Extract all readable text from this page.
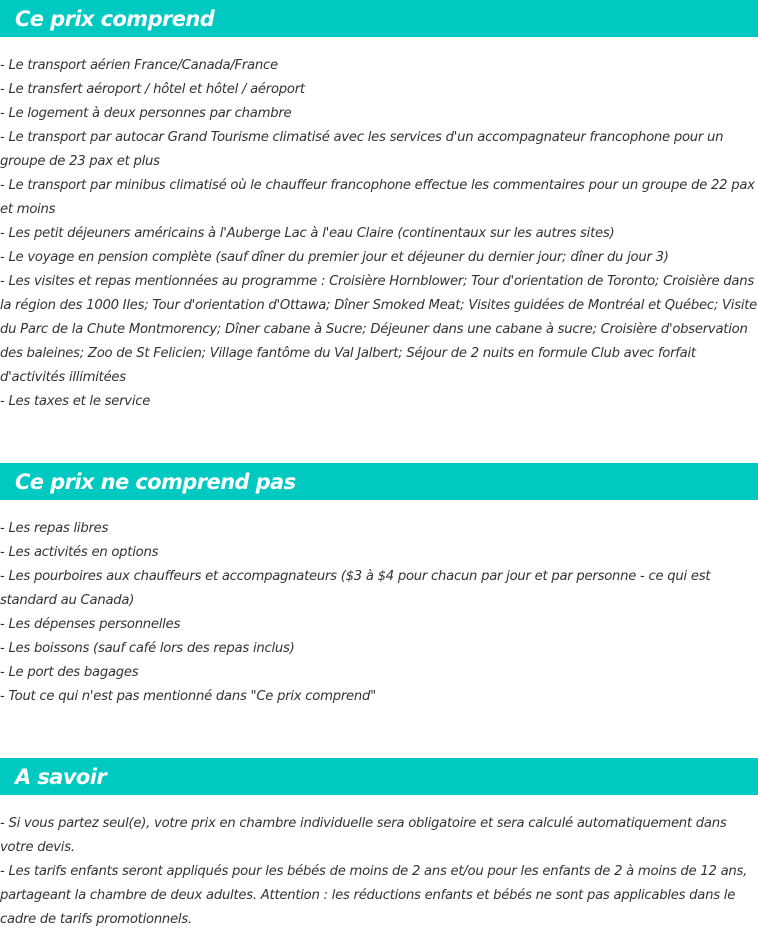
Ce prix comprend

- Le transport aérien France/Canada/France

- Le transfert aéroport / hôtel et hôtel / aéroport

- Le logement à deux personnes par chambre

- Le transport par autocar Grand Tourisme climatisé avec les services d'un accompagnateur francophone pour un groupe de 23 pax et plus

- Le transport par minibus climatisé où le chauffeur francophone effectue les commentaires pour un groupe de 22 pax et moins

- Les petit déjeuners américains à l'Auberge Lac à l'eau Claire (continentaux sur les autres sites)

- Le voyage en pension complète (sauf dîner du premier jour et déjeuner du dernier jour; dîner du jour 3)

- Les visites et repas mentionnées au programme : Croisière Hornblower; Tour d'orientation de Toronto; Croisière dans la région des 1000 Iles; Tour d'orientation d'Ottawa; Dîner Smoked Meat; Visites guidées de Montréal et Québec; Visite du Parc de la Chute Montmorency; Dîner cabane à Sucre; Déjeuner dans une cabane à sucre; Croisière d'observation des baleines; Zoo de St Felicien; Village fantôme du Val Jalbert; Séjour de 2 nuits en formule Club avec forfait d'activités illimitées

- Les taxes et le service

Ce prix ne comprend pas

- Les repas libres

- Les activités en options

- Les pourboires aux chauffeurs et accompagnateurs ($3 à $4 pour chacun par jour et par personne - ce qui est standard au Canada)

- Les dépenses personnelles

- Les boissons (sauf café lors des repas inclus)

- Le port des bagages

- Tout ce qui n'est pas mentionné dans "Ce prix comprend"

A savoir

- Si vous partez seul(e), votre prix en chambre individuelle sera obligatoire et sera calculé automatiquement dans votre devis.

- Les tarifs enfants seront appliqués pour les bébés de moins de 2 ans et/ou pour les enfants de 2 à moins de 12 ans, partageant la chambre de deux adultes. Attention : les réductions enfants et bébés ne sont pas applicables dans le cadre de tarifs promotionnels.
